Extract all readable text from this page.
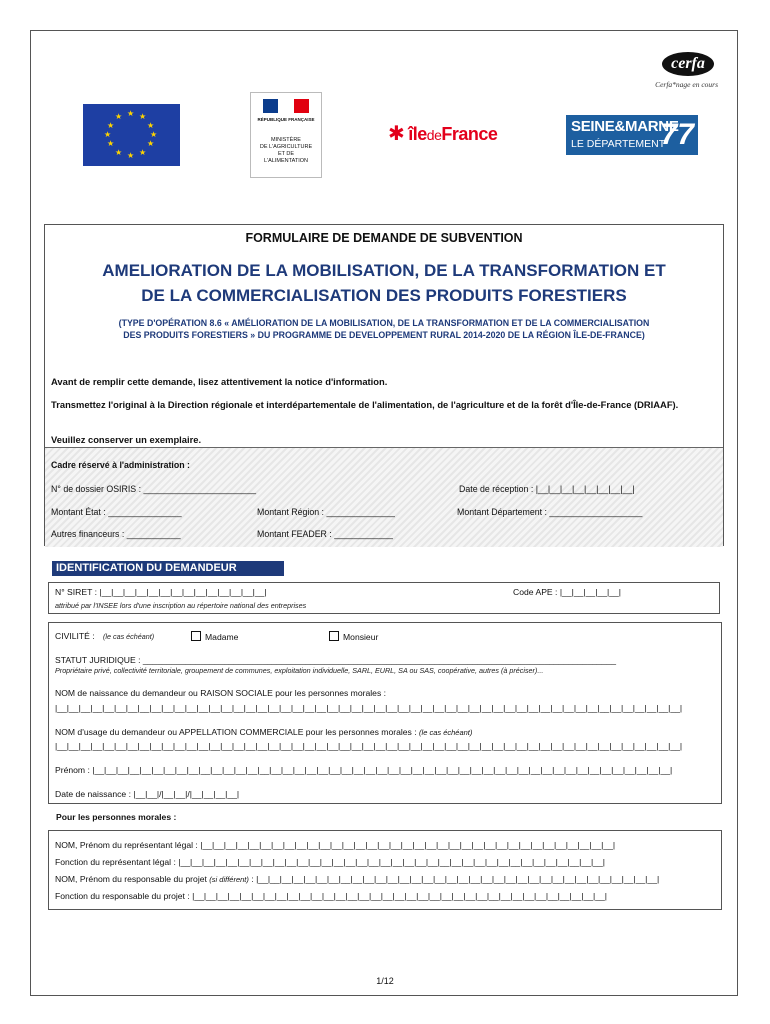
cerfa
Cerfa*nage en cours
★ ★
★
★
★
★
★
★
★
★
★
★	RÉPUBLIQUE FRANÇAISE
MINISTÈRE
DE L'AGRICULTURE
ET DE
L'ALIMENTATION
✱ îledeFrance	SEINE&MARNE
LE DÉPARTEMENT
77
FORMULAIRE DE DEMANDE DE SUBVENTION
AMELIORATION DE LA MOBILISATION, DE LA TRANSFORMATION ET
DE LA COMMERCIALISATION DES PRODUITS FORESTIERS
(TYPE D'OPÉRATION 8.6 « AMÉLIORATION DE LA MOBILISATION, DE LA TRANSFORMATION ET DE LA COMMERCIALISATION
DES PRODUITS FORESTIERS » DU PROGRAMME DE DEVELOPPEMENT RURAL 2014-2020 DE LA RÉGION ÎLE-DE-FRANCE)
Avant de remplir cette demande, lisez attentivement la notice d'information.
Transmettez l'original à la Direction régionale et interdépartementale de l'alimentation, de l'agriculture et de la forêt d'Île-de-France (DRIAAF).
Veuillez conserver un exemplaire.
Cadre réservé à l'administration :
N° de dossier OSIRIS : _______________________	Date de réception : |__|__|__|__|__|__|__|__|
Montant État : _______________	Montant Région : ______________	Montant Département : ___________________
Autres financeurs : ___________	Montant FEADER : ____________
IDENTIFICATION DU DEMANDEUR
N° SIRET : |__|__|__|__|__|__|__|__|__|__|__|__|__|__|	Code APE : |__|__|__|__|__|
attribué par l'INSEE lors d'une inscription au répertoire national des entreprises
CIVILITÉ : (le cas échéant)	Madame	Monsieur
STATUT JURIDIQUE : ___________________________________________________________________________________________________
Propriétaire privé, collectivité territoriale, groupement de communes, exploitation individuelle, SARL, EURL, SA ou SAS, coopérative, autres (à préciser)...
NOM de naissance du demandeur ou RAISON SOCIALE pour les personnes morales :
|__|__|__|__|__|__|__|__|__|__|__|__|__|__|__|__|__|__|__|__|__|__|__|__|__|__|__|__|__|__|__|__|__|__|__|__|__|__|__|__|__|__|__|__|__|__|__|__|__|__|__|__|__|
NOM d'usage du demandeur ou APPELLATION COMMERCIALE pour les personnes morales : (le cas échéant)
|__|__|__|__|__|__|__|__|__|__|__|__|__|__|__|__|__|__|__|__|__|__|__|__|__|__|__|__|__|__|__|__|__|__|__|__|__|__|__|__|__|__|__|__|__|__|__|__|__|__|__|__|__|
Prénom : |__|__|__|__|__|__|__|__|__|__|__|__|__|__|__|__|__|__|__|__|__|__|__|__|__|__|__|__|__|__|__|__|__|__|__|__|__|__|__|__|__|__|__|__|__|__|__|__|__|
Date de naissance : |__|__|/|__|__|/|__|__|__|__|
Pour les personnes morales :
NOM, Prénom du représentant légal : |__|__|__|__|__|__|__|__|__|__|__|__|__|__|__|__|__|__|__|__|__|__|__|__|__|__|__|__|__|__|__|__|__|__|__|
Fonction du représentant légal : |__|__|__|__|__|__|__|__|__|__|__|__|__|__|__|__|__|__|__|__|__|__|__|__|__|__|__|__|__|__|__|__|__|__|__|__|
NOM, Prénom du responsable du projet (si différent) : |__|__|__|__|__|__|__|__|__|__|__|__|__|__|__|__|__|__|__|__|__|__|__|__|__|__|__|__|__|__|__|__|__|__|
Fonction du responsable du projet : |__|__|__|__|__|__|__|__|__|__|__|__|__|__|__|__|__|__|__|__|__|__|__|__|__|__|__|__|__|__|__|__|__|__|__|
1/12
